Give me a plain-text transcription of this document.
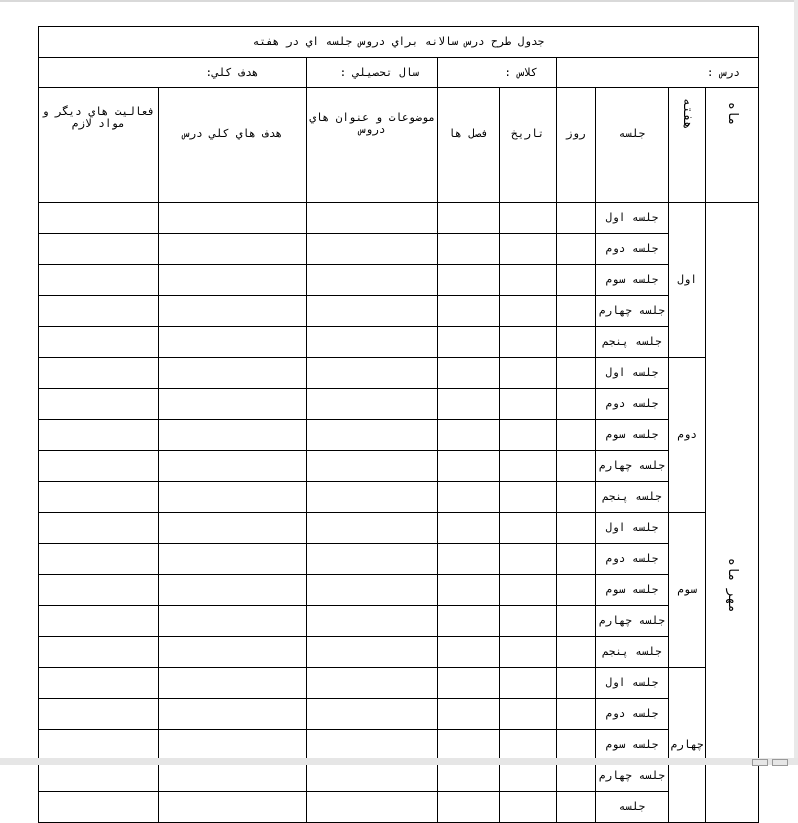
جدول طرح درس سالانه براي دروس جلسه اي در هفته								
درس :				كلاس :		سال تحصيلي :	هدف كلي:	
ماه	هفته	جلسه	روز	تاريخ	فصل ها	موضوعات و عنوان هاي دروس	هدف هاي كلي درس	فعاليت هاي ديگر و مواد لازم
مهر ماه	اول	جلسه اول						
		جلسه دوم						
		جلسه سوم						
		جلسه چهارم						
		جلسه پنجم						
	دوم	جلسه اول						
		جلسه دوم						
		جلسه سوم						
		جلسه چهارم						
		جلسه پنجم						
	سوم	جلسه اول						
		جلسه دوم						
		جلسه سوم						
		جلسه چهارم						
		جلسه پنجم						
	چهارم	جلسه اول						
		جلسه دوم						
		جلسه سوم						
		جلسه چهارم						
		جلسه						
